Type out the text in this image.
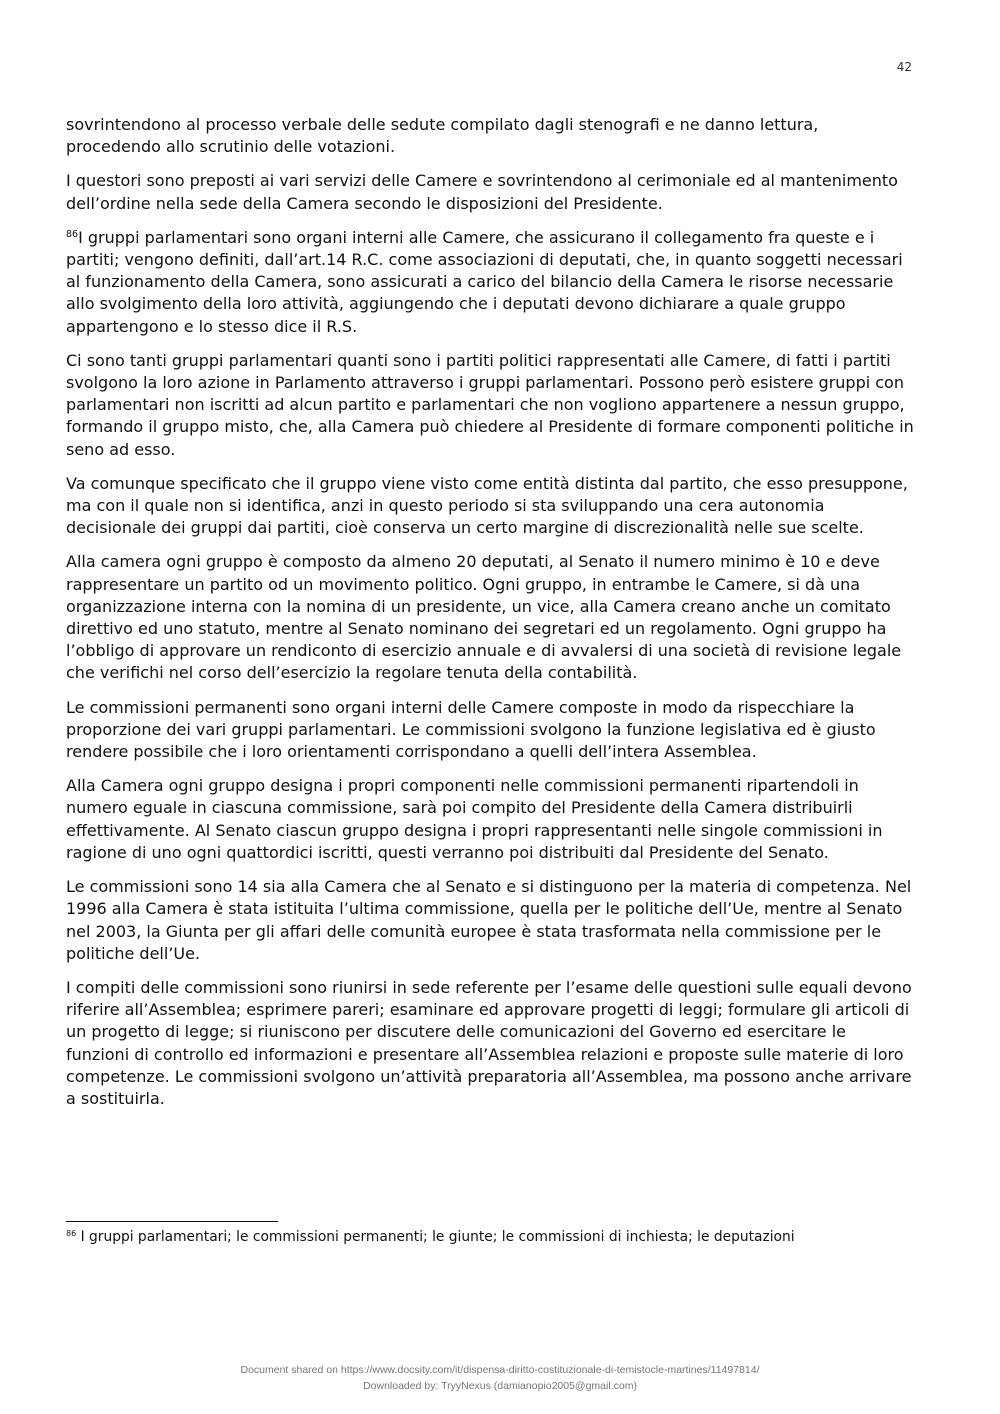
42

sovrintendono al processo verbale delle sedute compilato dagli stenografi e ne danno lettura, procedendo allo scrutinio delle votazioni.

I questori sono preposti ai vari servizi delle Camere e sovrintendono al cerimoniale ed al mantenimento dell’ordine nella sede della Camera secondo le disposizioni del Presidente.

$^{86}$I gruppi parlamentari sono organi interni alle Camere, che assicurano il collegamento fra queste e i partiti; vengono definiti, dall’art.14 R.C. come associazioni di deputati, che, in quanto soggetti necessari al funzionamento della Camera, sono assicurati a carico del bilancio della Camera le risorse necessarie allo svolgimento della loro attività, aggiungendo che i deputati devono dichiarare a quale gruppo appartengono e lo stesso dice il R.S.

Ci sono tanti gruppi parlamentari quanti sono i partiti politici rappresentati alle Camere, di fatti i partiti svolgono la loro azione in Parlamento attraverso i gruppi parlamentari. Possono però esistere gruppi con parlamentari non iscritti ad alcun partito e parlamentari che non vogliono appartenere a nessun gruppo, formando il gruppo misto, che, alla Camera può chiedere al Presidente di formare componenti politiche in seno ad esso.

Va comunque specificato che il gruppo viene visto come entità distinta dal partito, che esso presuppone, ma con il quale non si identifica, anzi in questo periodo si sta sviluppando una cera autonomia decisionale dei gruppi dai partiti, cioè conserva un certo margine di discrezionalità nelle sue scelte.

Alla camera ogni gruppo è composto da almeno 20 deputati, al Senato il numero minimo è 10 e deve rappresentare un partito od un movimento politico. Ogni gruppo, in entrambe le Camere, si dà una organizzazione interna con la nomina di un presidente, un vice, alla Camera creano anche un comitato direttivo ed uno statuto, mentre al Senato nominano dei segretari ed un regolamento. Ogni gruppo ha l’obbligo di approvare un rendiconto di esercizio annuale e di avvalersi di una società di revisione legale che verifichi nel corso dell’esercizio la regolare tenuta della contabilità.

Le commissioni permanenti sono organi interni delle Camere composte in modo da rispecchiare la proporzione dei vari gruppi parlamentari. Le commissioni svolgono la funzione legislativa ed è giusto rendere possibile che i loro orientamenti corrispondano a quelli dell’intera Assemblea.

Alla Camera ogni gruppo designa i propri componenti nelle commissioni permanenti ripartendoli in numero eguale in ciascuna commissione, sarà poi compito del Presidente della Camera distribuirli effettivamente. Al Senato ciascun gruppo designa i propri rappresentanti nelle singole commissioni in ragione di uno ogni quattordici iscritti, questi verranno poi distribuiti dal Presidente del Senato.

Le commissioni sono 14 sia alla Camera che al Senato e si distinguono per la materia di competenza. Nel 1996 alla Camera è stata istituita l’ultima commissione, quella per le politiche dell’Ue, mentre al Senato nel 2003, la Giunta per gli affari delle comunità europee è stata trasformata nella commissione per le politiche dell’Ue.

I compiti delle commissioni sono riunirsi in sede referente per l’esame delle questioni sulle equali devono riferire all’Assemblea; esprimere pareri; esaminare ed approvare progetti di leggi; formulare gli articoli di un progetto di legge; si riuniscono per discutere delle comunicazioni del Governo ed esercitare le funzioni di controllo ed informazioni e presentare all’Assemblea relazioni e proposte sulle materie di loro competenze. Le commissioni svolgono un’attività preparatoria all’Assemblea, ma possono anche arrivare a sostituirla.

$^{86}$ I gruppi parlamentari; le commissioni permanenti; le giunte; le commissioni di inchiesta; le deputazioni
Document shared on https://www.docsity.com/it/dispensa-diritto-costituzionale-di-temistocle-martines/11497814/
Downloaded by: TryyNexus (damianopio2005@gmail.com)
